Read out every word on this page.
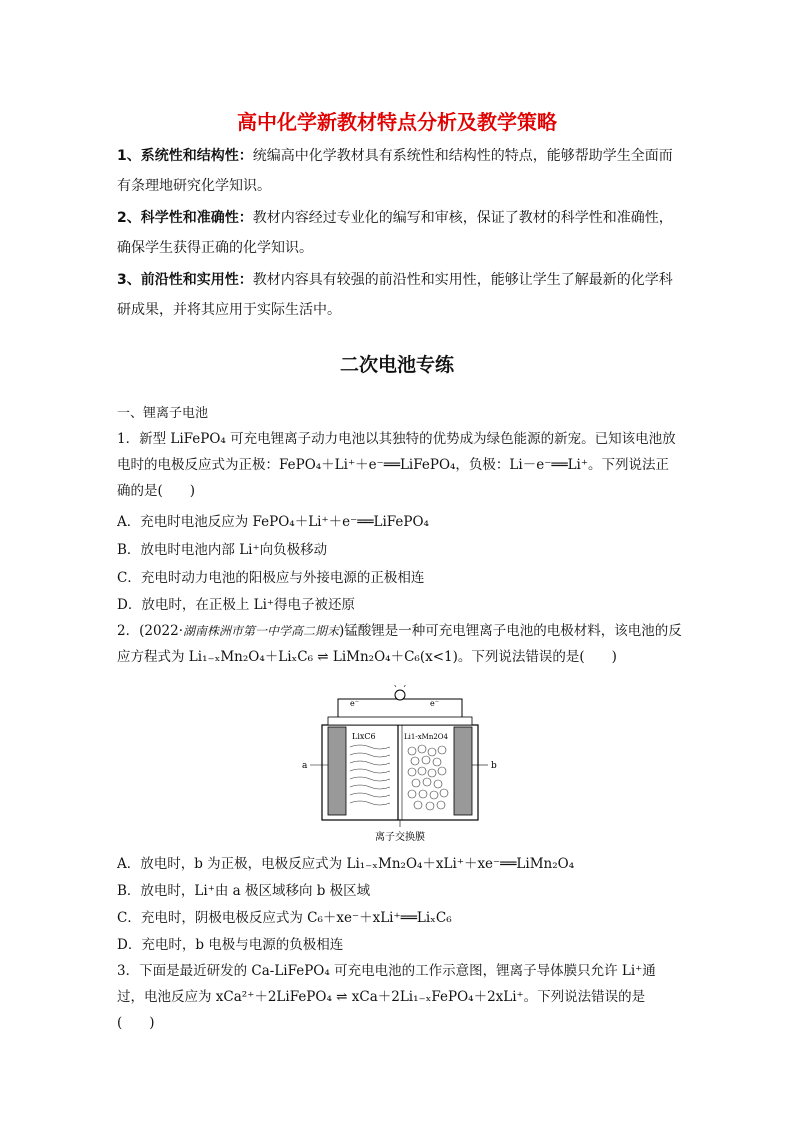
高中化学新教材特点分析及教学策略
1、系统性和结构性：统编高中化学教材具有系统性和结构性的特点，能够帮助学生全面而有条理地研究化学知识。
2、科学性和准确性：教材内容经过专业化的编写和审核，保证了教材的科学性和准确性，确保学生获得正确的化学知识。
3、前沿性和实用性：教材内容具有较强的前沿性和实用性，能够让学生了解最新的化学科研成果，并将其应用于实际生活中。
二次电池专练
一、锂离子电池
1．新型 LiFePO₄ 可充电锂离子动力电池以其独特的优势成为绿色能源的新宠。已知该电池放电时的电极反应式为正极：FePO₄＋Li⁺＋e⁻══LiFePO₄，负极：Li－e⁻══Li⁺。下列说法正确的是(　　)
A．充电时电池反应为 FePO₄＋Li⁺＋e⁻══LiFePO₄
B．放电时电池内部 Li⁺向负极移动
C．充电时动力电池的阳极应与外接电源的正极相连
D．放电时，在正极上 Li⁺得电子被还原
2．(2022·湖南株洲市第一中学高二期末)锰酸锂是一种可充电锂离子电池的电极材料，该电池的反应方程式为 Li₁₋ₓMn₂O₄＋LiₓC₆ ⇌ LiMn₂O₄＋C₆(x<1)。下列说法错误的是(　　)
e⁻	e⁻
LixC6	Li1-xMn2O4
a	b
离子交换膜
A．放电时，b 为正极，电极反应式为 Li₁₋ₓMn₂O₄＋xLi⁺＋xe⁻══LiMn₂O₄
B．放电时，Li⁺由 a 极区域移向 b 极区域
C．充电时，阴极电极反应式为 C₆＋xe⁻＋xLi⁺══LiₓC₆
D．充电时，b 电极与电源的负极相连
3．下面是最近研发的 Ca-LiFePO₄ 可充电电池的工作示意图，锂离子导体膜只允许 Li⁺通过，电池反应为 xCa²⁺＋2LiFePO₄ ⇌ xCa＋2Li₁₋ₓFePO₄＋2xLi⁺。下列说法错误的是(　　)
